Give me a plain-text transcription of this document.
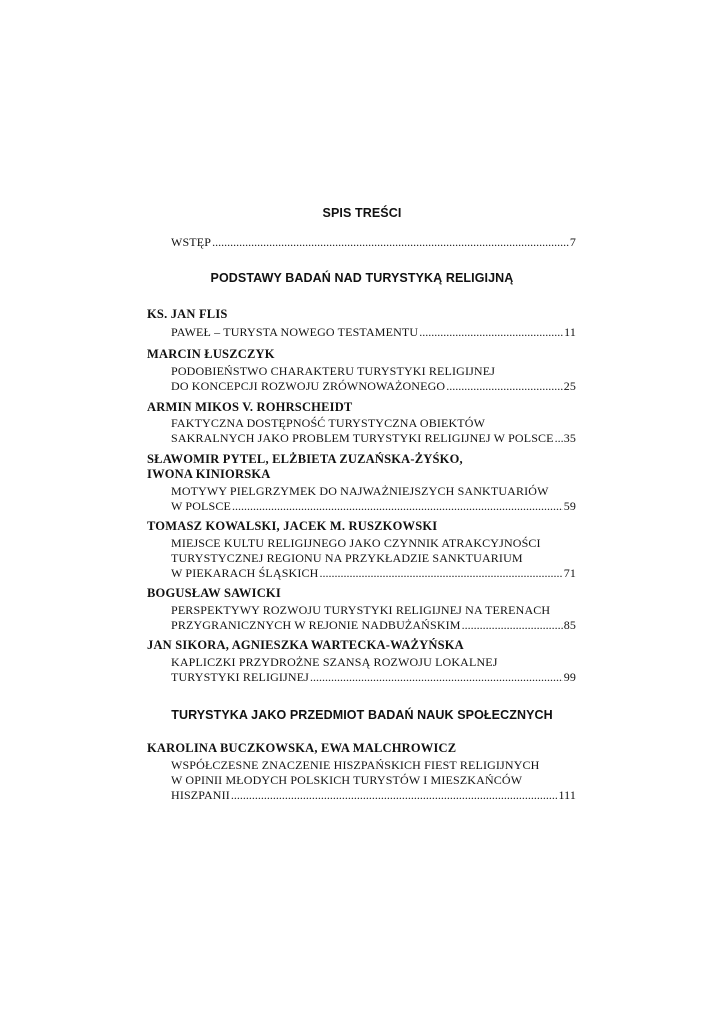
SPIS TREŚCI
WSTĘP .....	7
PODSTAWY BADAŃ NAD TURYSTYKĄ RELIGIJNĄ
KS. JAN FLIS
PAWEŁ – TURYSTA NOWEGO TESTAMENTU .....	11
MARCIN ŁUSZCZYK
PODOBIEŃSTWO CHARAKTERU TURYSTYKI RELIGIJNEJ
DO KONCEPCJI ROZWOJU ZRÓWNOWAŻONEGO .....	25
ARMIN MIKOS V. ROHRSCHEIDT
FAKTYCZNA DOSTĘPNOŚĆ TURYSTYCZNA OBIEKTÓW
SAKRALNYCH JAKO PROBLEM TURYSTYKI RELIGIJNEJ W POLSCE ..... 35
SŁAWOMIR PYTEL, ELŻBIETA ZUZAŃSKA-ŻYŚKO,
IWONA KINIORSKA
MOTYWY PIELGRZYMEK DO NAJWAŻNIEJSZYCH SANKTUARIÓW
W POLSCE .....	59
TOMASZ KOWALSKI, JACEK M. RUSZKOWSKI
MIEJSCE KULTU RELIGIJNEGO JAKO CZYNNIK ATRAKCYJNOŚCI
TURYSTYCZNEJ REGIONU NA PRZYKŁADZIE SANKTUARIUM
W PIEKARACH ŚLĄSKICH .....	71
BOGUSŁAW SAWICKI
PERSPEKTYWY ROZWOJU TURYSTYKI RELIGIJNEJ NA TERENACH
PRZYGRANICZNYCH W REJONIE NADBUŻAŃSKIM .....	85
JAN SIKORA, AGNIESZKA WARTECKA-WAŻYŃSKA
KAPLICZKI PRZYDROŻNE SZANSĄ ROZWOJU LOKALNEJ
TURYSTYKI RELIGIJNEJ .....	99
TURYSTYKA JAKO PRZEDMIOT BADAŃ NAUK SPOŁECZNYCH
KAROLINA BUCZKOWSKA, EWA MALCHROWICZ
WSPÓŁCZESNE ZNACZENIE HISZPAŃSKICH FIEST RELIGIJNYCH
W OPINII MŁODYCH POLSKICH TURYSTÓW I MIESZKAŃCÓW
HISZPANII .....	111
